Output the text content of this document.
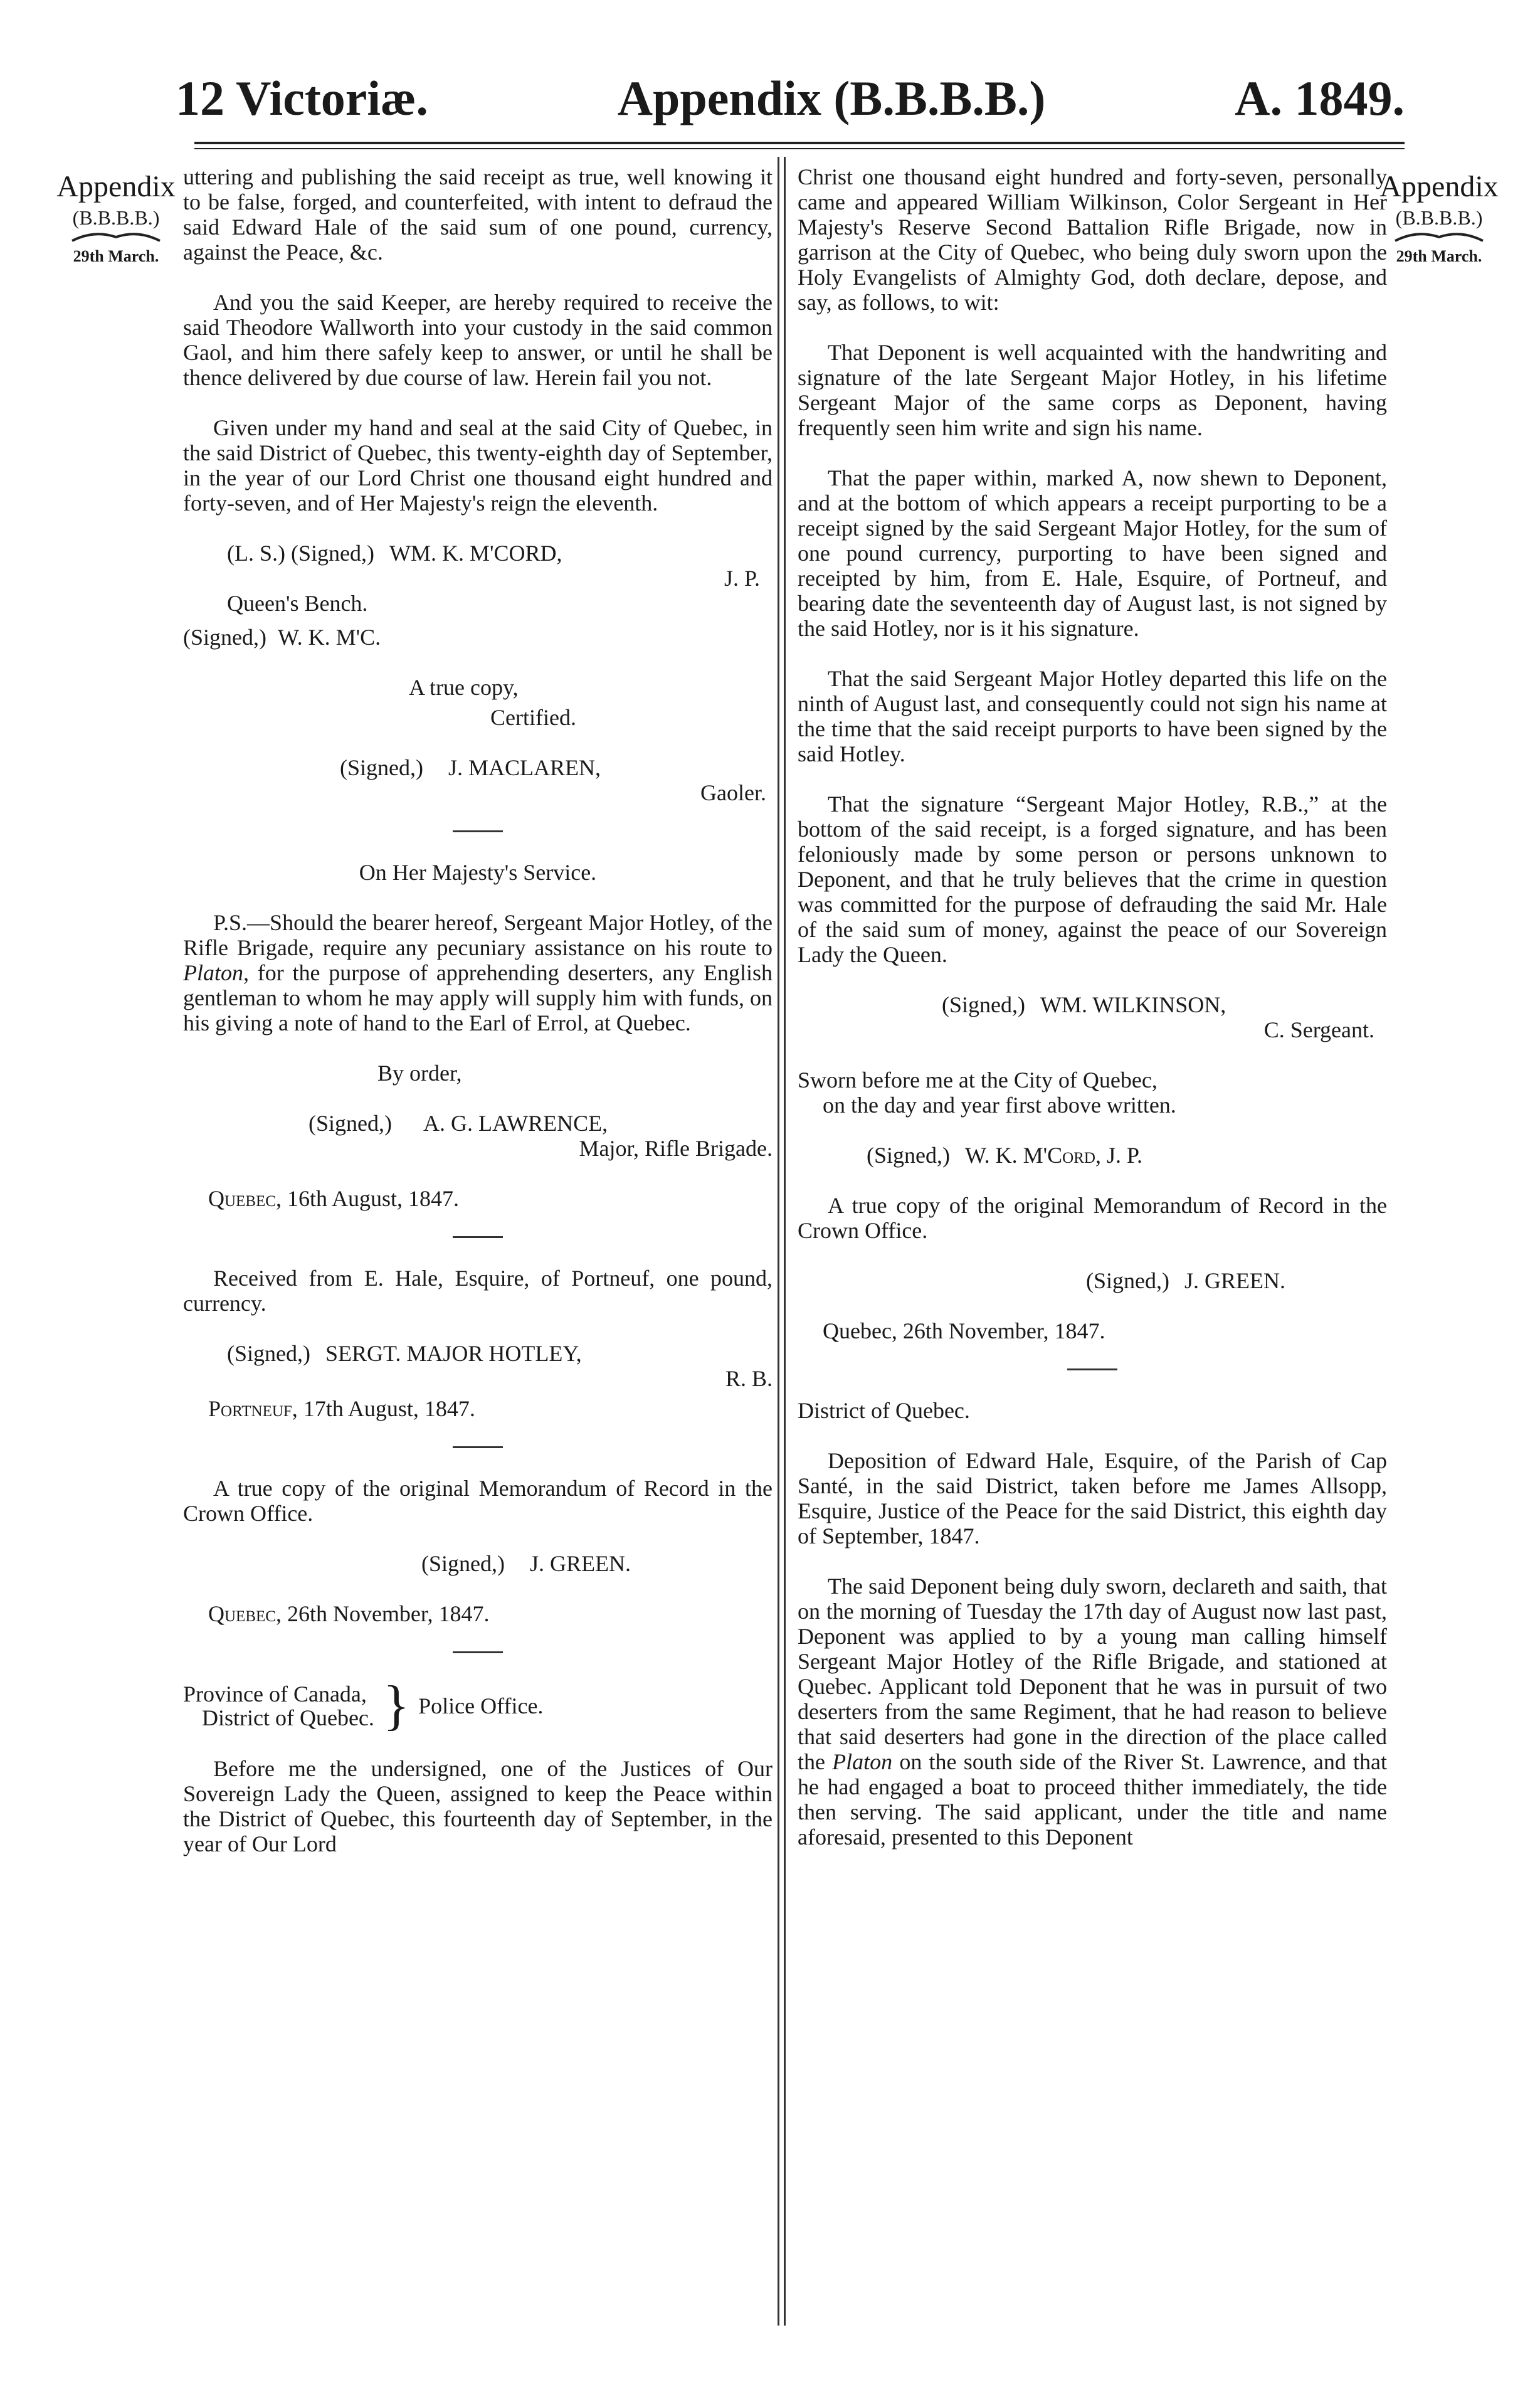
12 Victoriæ.	Appendix (B.B.B.B.)	A. 1849.
Appendix
(B.B.B.B.)
29th March.
Appendix
(B.B.B.B.)
29th March.

uttering and publishing the said receipt as true, well knowing it to be false, forged, and counterfeited, with intent to defraud the said Edward Hale of the said sum of one pound, currency, against the Peace, &c.

And you the said Keeper, are hereby required to receive the said Theodore Wallworth into your custody in the said common Gaol, and him there safely keep to answer, or until he shall be thence delivered by due course of law. Herein fail you not.

Given under my hand and seal at the said City of Quebec, in the said District of Quebec, this twenty-eighth day of September, in the year of our Lord Christ one thousand eight hundred and forty-seven, and of Her Majesty's reign the eleventh.

(L. S.) (Signed,) WM. K. M'CORD,

J. P.

Queen's Bench.

(Signed,) W. K. M'C.

A true copy,

Certified.

(Signed,) J. MACLAREN,

Gaoler.

On Her Majesty's Service.

P.S.—Should the bearer hereof, Sergeant Major Hotley, of the Rifle Brigade, require any pecuniary assistance on his route to Platon, for the purpose of apprehending deserters, any English gentleman to whom he may apply will supply him with funds, on his giving a note of hand to the Earl of Errol, at Quebec.

By order,

(Signed,) A. G. LAWRENCE,

Major, Rifle Brigade.

Quebec, 16th August, 1847.

Received from E. Hale, Esquire, of Portneuf, one pound, currency.

(Signed,) SERGT. MAJOR HOTLEY,

R. B.

Portneuf, 17th August, 1847.

A true copy of the original Memorandum of Record in the Crown Office.

(Signed,) J. GREEN.

Quebec, 26th November, 1847.

Province of Canada,
District of Quebec. } Police Office.

Before me the undersigned, one of the Justices of Our Sovereign Lady the Queen, assigned to keep the Peace within the District of Quebec, this fourteenth day of September, in the year of Our Lord

Christ one thousand eight hundred and forty-seven, personally came and appeared William Wilkinson, Color Sergeant in Her Majesty's Reserve Second Battalion Rifle Brigade, now in garrison at the City of Quebec, who being duly sworn upon the Holy Evangelists of Almighty God, doth declare, depose, and say, as follows, to wit:

That Deponent is well acquainted with the handwriting and signature of the late Sergeant Major Hotley, in his lifetime Sergeant Major of the same corps as Deponent, having frequently seen him write and sign his name.

That the paper within, marked A, now shewn to Deponent, and at the bottom of which appears a receipt purporting to be a receipt signed by the said Sergeant Major Hotley, for the sum of one pound currency, purporting to have been signed and receipted by him, from E. Hale, Esquire, of Portneuf, and bearing date the seventeenth day of August last, is not signed by the said Hotley, nor is it his signature.

That the said Sergeant Major Hotley departed this life on the ninth of August last, and consequently could not sign his name at the time that the said receipt purports to have been signed by the said Hotley.

That the signature “Sergeant Major Hotley, R.B.,” at the bottom of the said receipt, is a forged signature, and has been feloniously made by some person or persons unknown to Deponent, and that he truly believes that the crime in question was committed for the purpose of defrauding the said Mr. Hale of the said sum of money, against the peace of our Sovereign Lady the Queen.

(Signed,) WM. WILKINSON,

C. Sergeant.

Sworn before me at the City of Quebec,

on the day and year first above written.

(Signed,) W. K. M'Cord, J. P.

A true copy of the original Memorandum of Record in the Crown Office.

(Signed,) J. GREEN.

Quebec, 26th November, 1847.

District of Quebec.

Deposition of Edward Hale, Esquire, of the Parish of Cap Santé, in the said District, taken before me James Allsopp, Esquire, Justice of the Peace for the said District, this eighth day of September, 1847.

The said Deponent being duly sworn, declareth and saith, that on the morning of Tuesday the 17th day of August now last past, Deponent was applied to by a young man calling himself Sergeant Major Hotley of the Rifle Brigade, and stationed at Quebec. Applicant told Deponent that he was in pursuit of two deserters from the same Regiment, that he had reason to believe that said deserters had gone in the direction of the place called the Platon on the south side of the River St. Lawrence, and that he had engaged a boat to proceed thither immediately, the tide then serving. The said applicant, under the title and name aforesaid, presented to this Deponent
